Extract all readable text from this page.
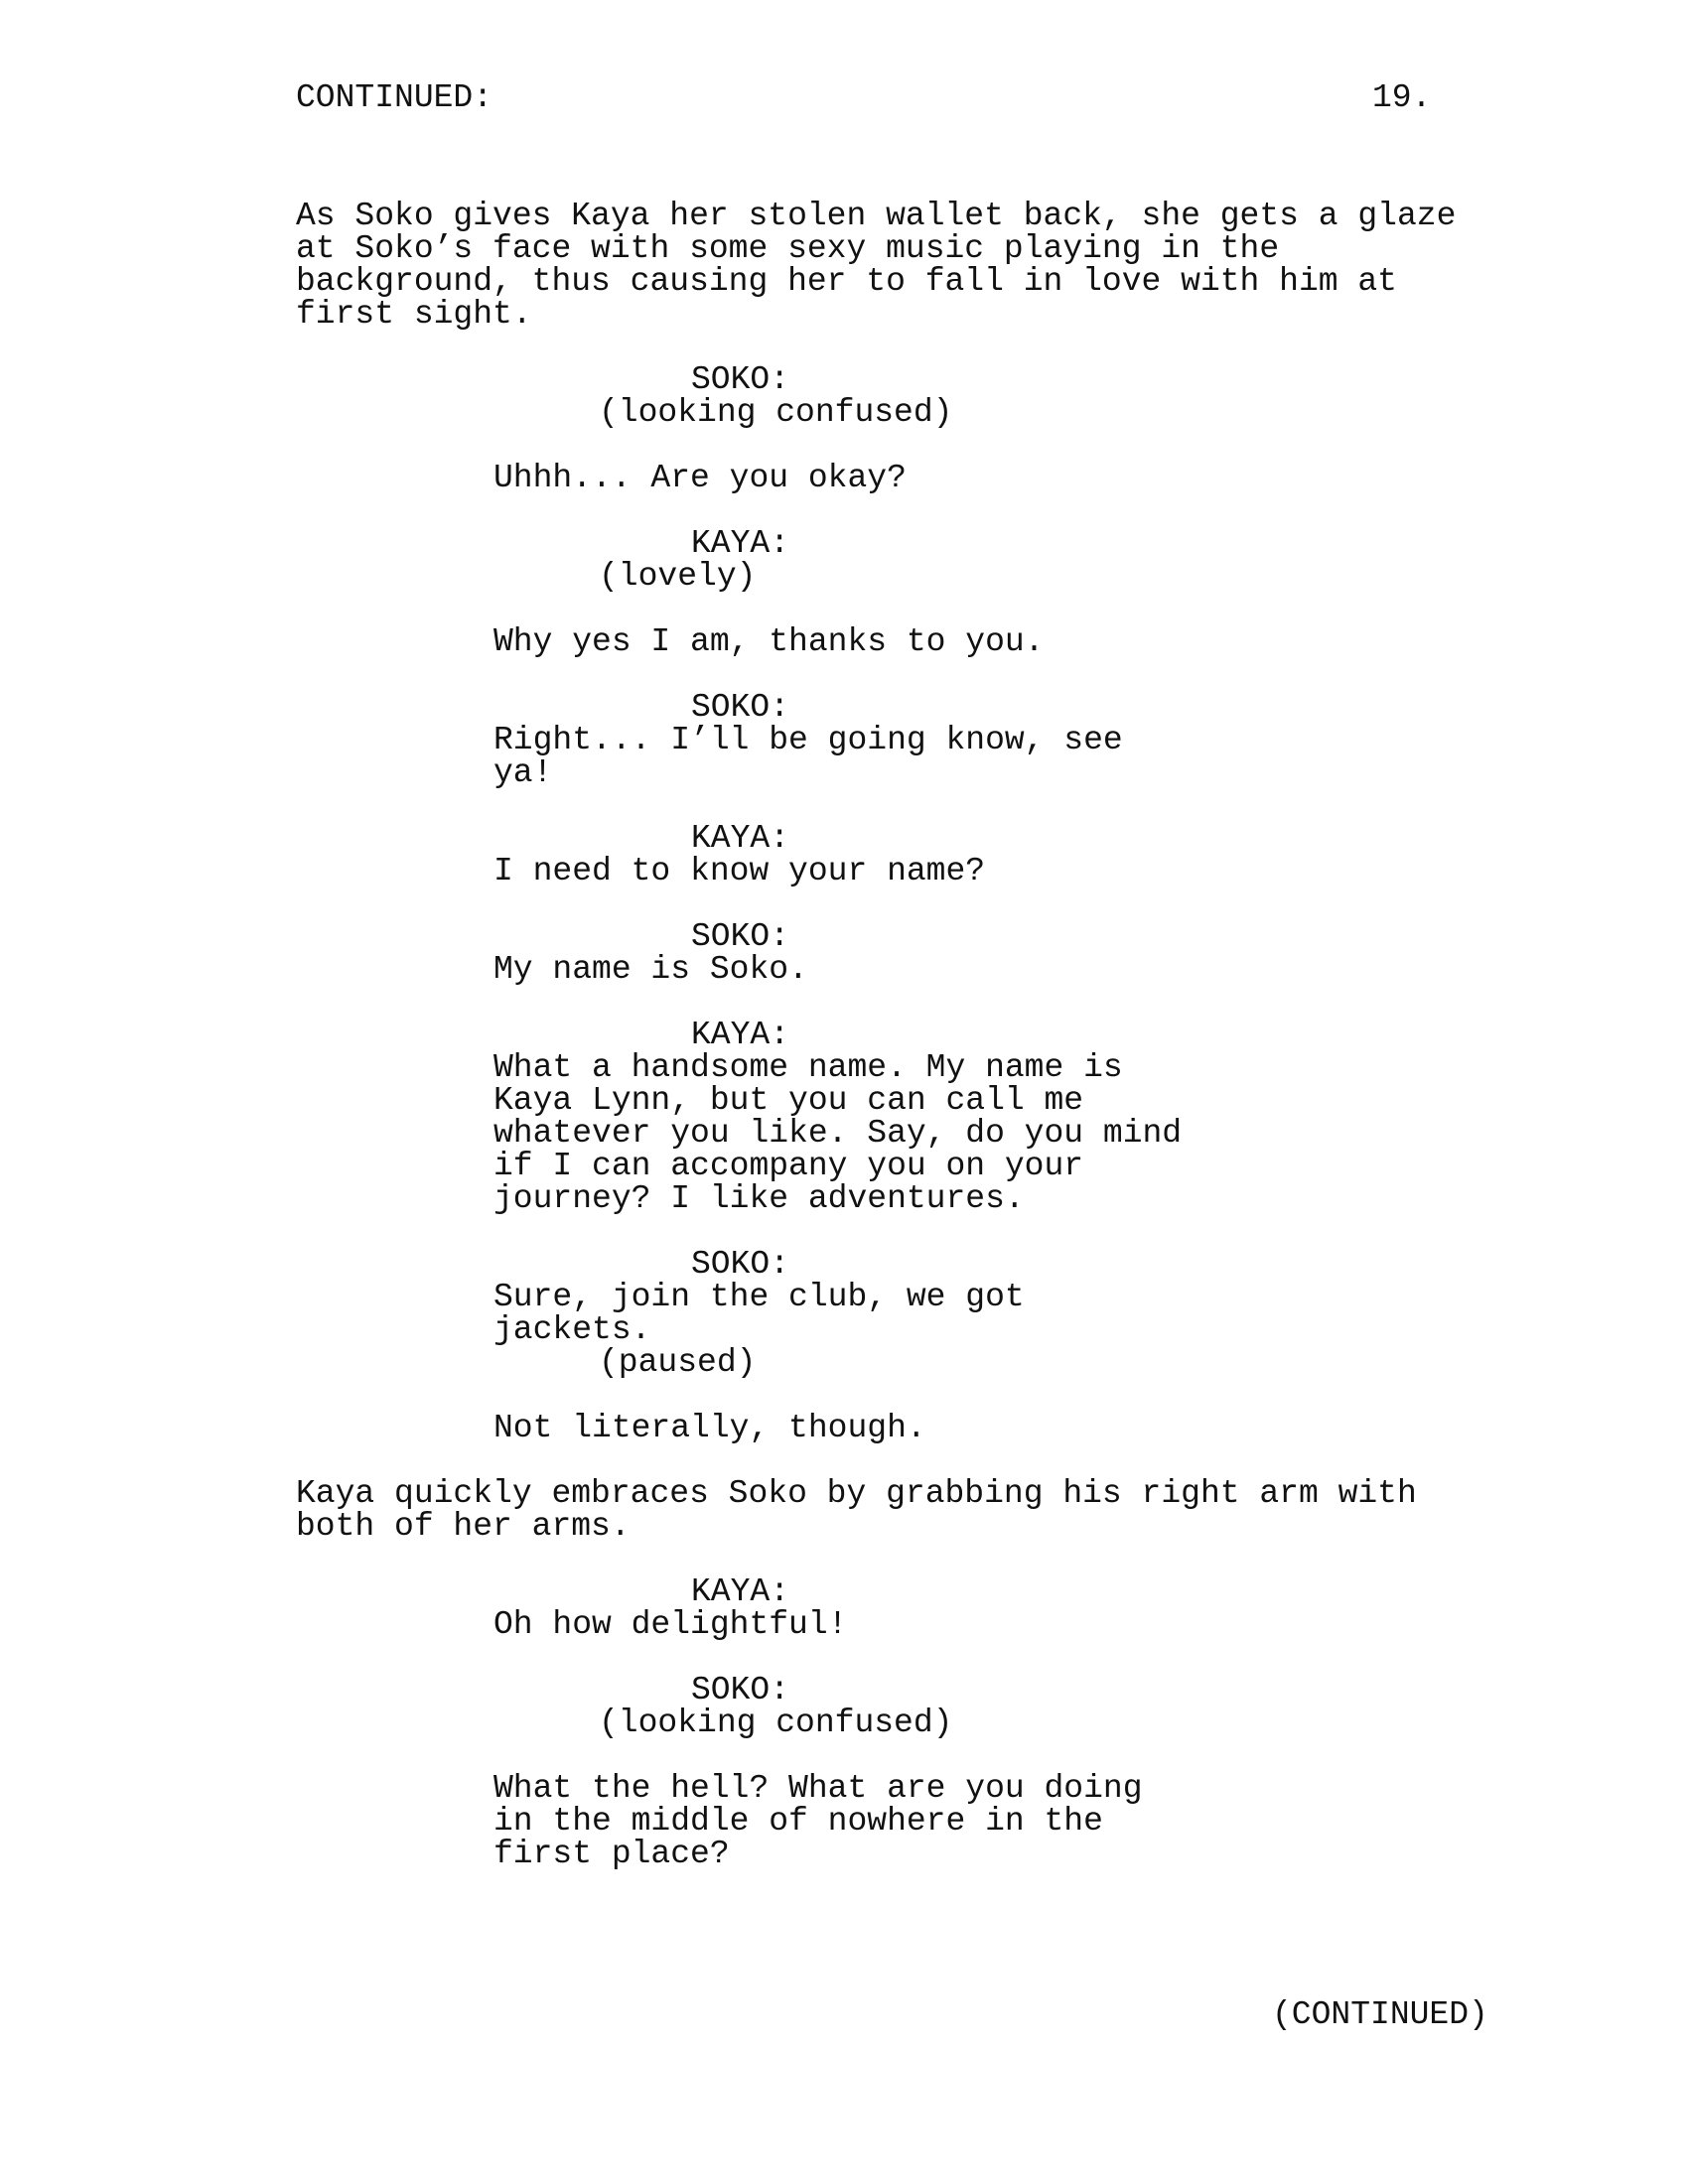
CONTINUED:	19.
As Soko gives Kaya her stolen wallet back, she gets a glaze
at Soko’s face with some sexy music playing in the
background, thus causing her to fall in love with him at
first sight.
SOKO:
(looking confused)
Uhhh... Are you okay?
KAYA:
(lovely)
Why yes I am, thanks to you.
SOKO:
Right... I’ll be going know, see
ya!
KAYA:
I need to know your name?
SOKO:
My name is Soko.
KAYA:
What a handsome name. My name is
Kaya Lynn, but you can call me
whatever you like. Say, do you mind
if I can accompany you on your
journey? I like adventures.
SOKO:
Sure, join the club, we got
jackets.
(paused)
Not literally, though.
Kaya quickly embraces Soko by grabbing his right arm with
both of her arms.
KAYA:
Oh how delightful!
SOKO:
(looking confused)
What the hell? What are you doing
in the middle of nowhere in the
first place?
(CONTINUED)
